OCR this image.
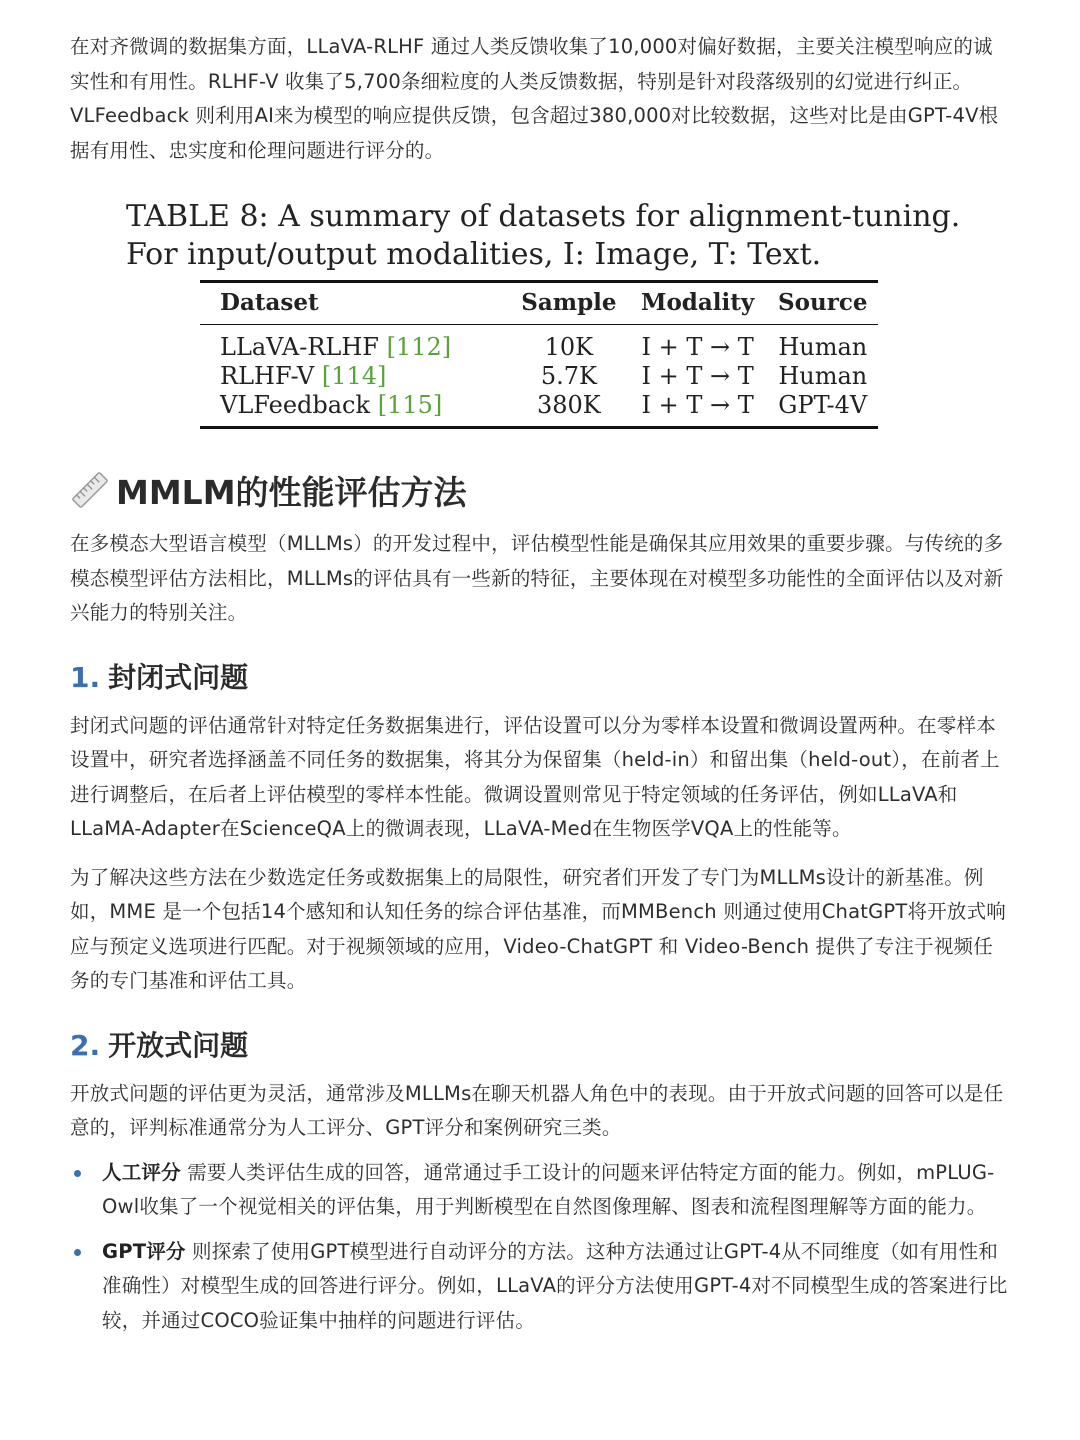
在对齐微调的数据集方面，LLaVA-RLHF 通过人类反馈收集了10,000对偏好数据，主要关注模型响应的诚实性和有用性。RLHF-V 收集了5,700条细粒度的人类反馈数据，特别是针对段落级别的幻觉进行纠正。VLFeedback 则利用AI来为模型的响应提供反馈，包含超过380,000对比较数据，这些对比是由GPT-4V根据有用性、忠实度和伦理问题进行评分的。

TABLE 8: A summary of datasets for alignment-tuning. For input/output modalities, I: Image, T: Text.
Dataset	Sample	Modality	Source
LLaVA-RLHF [112]	10K	I + T → T	Human
RLHF-V [114]	5.7K	I + T → T	Human
VLFeedback [115]	380K	I + T → T	GPT-4V
MMLM的性能评估方法

在多模态大型语言模型（MLLMs）的开发过程中，评估模型性能是确保其应用效果的重要步骤。与传统的多模态模型评估方法相比，MLLMs的评估具有一些新的特征，主要体现在对模型多功能性的全面评估以及对新兴能力的特别关注。

1. 封闭式问题

封闭式问题的评估通常针对特定任务数据集进行，评估设置可以分为零样本设置和微调设置两种。在零样本设置中，研究者选择涵盖不同任务的数据集，将其分为保留集（held-in）和留出集（held-out），在前者上进行调整后，在后者上评估模型的零样本性能。微调设置则常见于特定领域的任务评估，例如LLaVA和LLaMA-Adapter在ScienceQA上的微调表现，LLaVA-Med在生物医学VQA上的性能等。

为了解决这些方法在少数选定任务或数据集上的局限性，研究者们开发了专门为MLLMs设计的新基准。例如，MME 是一个包括14个感知和认知任务的综合评估基准，而MMBench 则通过使用ChatGPT将开放式响应与预定义选项进行匹配。对于视频领域的应用，Video-ChatGPT 和 Video-Bench 提供了专注于视频任务的专门基准和评估工具。

2. 开放式问题

开放式问题的评估更为灵活，通常涉及MLLMs在聊天机器人角色中的表现。由于开放式问题的回答可以是任意的，评判标准通常分为人工评分、GPT评分和案例研究三类。

人工评分 需要人类评估生成的回答，通常通过手工设计的问题来评估特定方面的能力。例如，mPLUG-Owl收集了一个视觉相关的评估集，用于判断模型在自然图像理解、图表和流程图理解等方面的能力。
GPT评分 则探索了使用GPT模型进行自动评分的方法。这种方法通过让GPT-4从不同维度（如有用性和准确性）对模型生成的回答进行评分。例如，LLaVA的评分方法使用GPT-4对不同模型生成的答案进行比较，并通过COCO验证集中抽样的问题进行评估。
